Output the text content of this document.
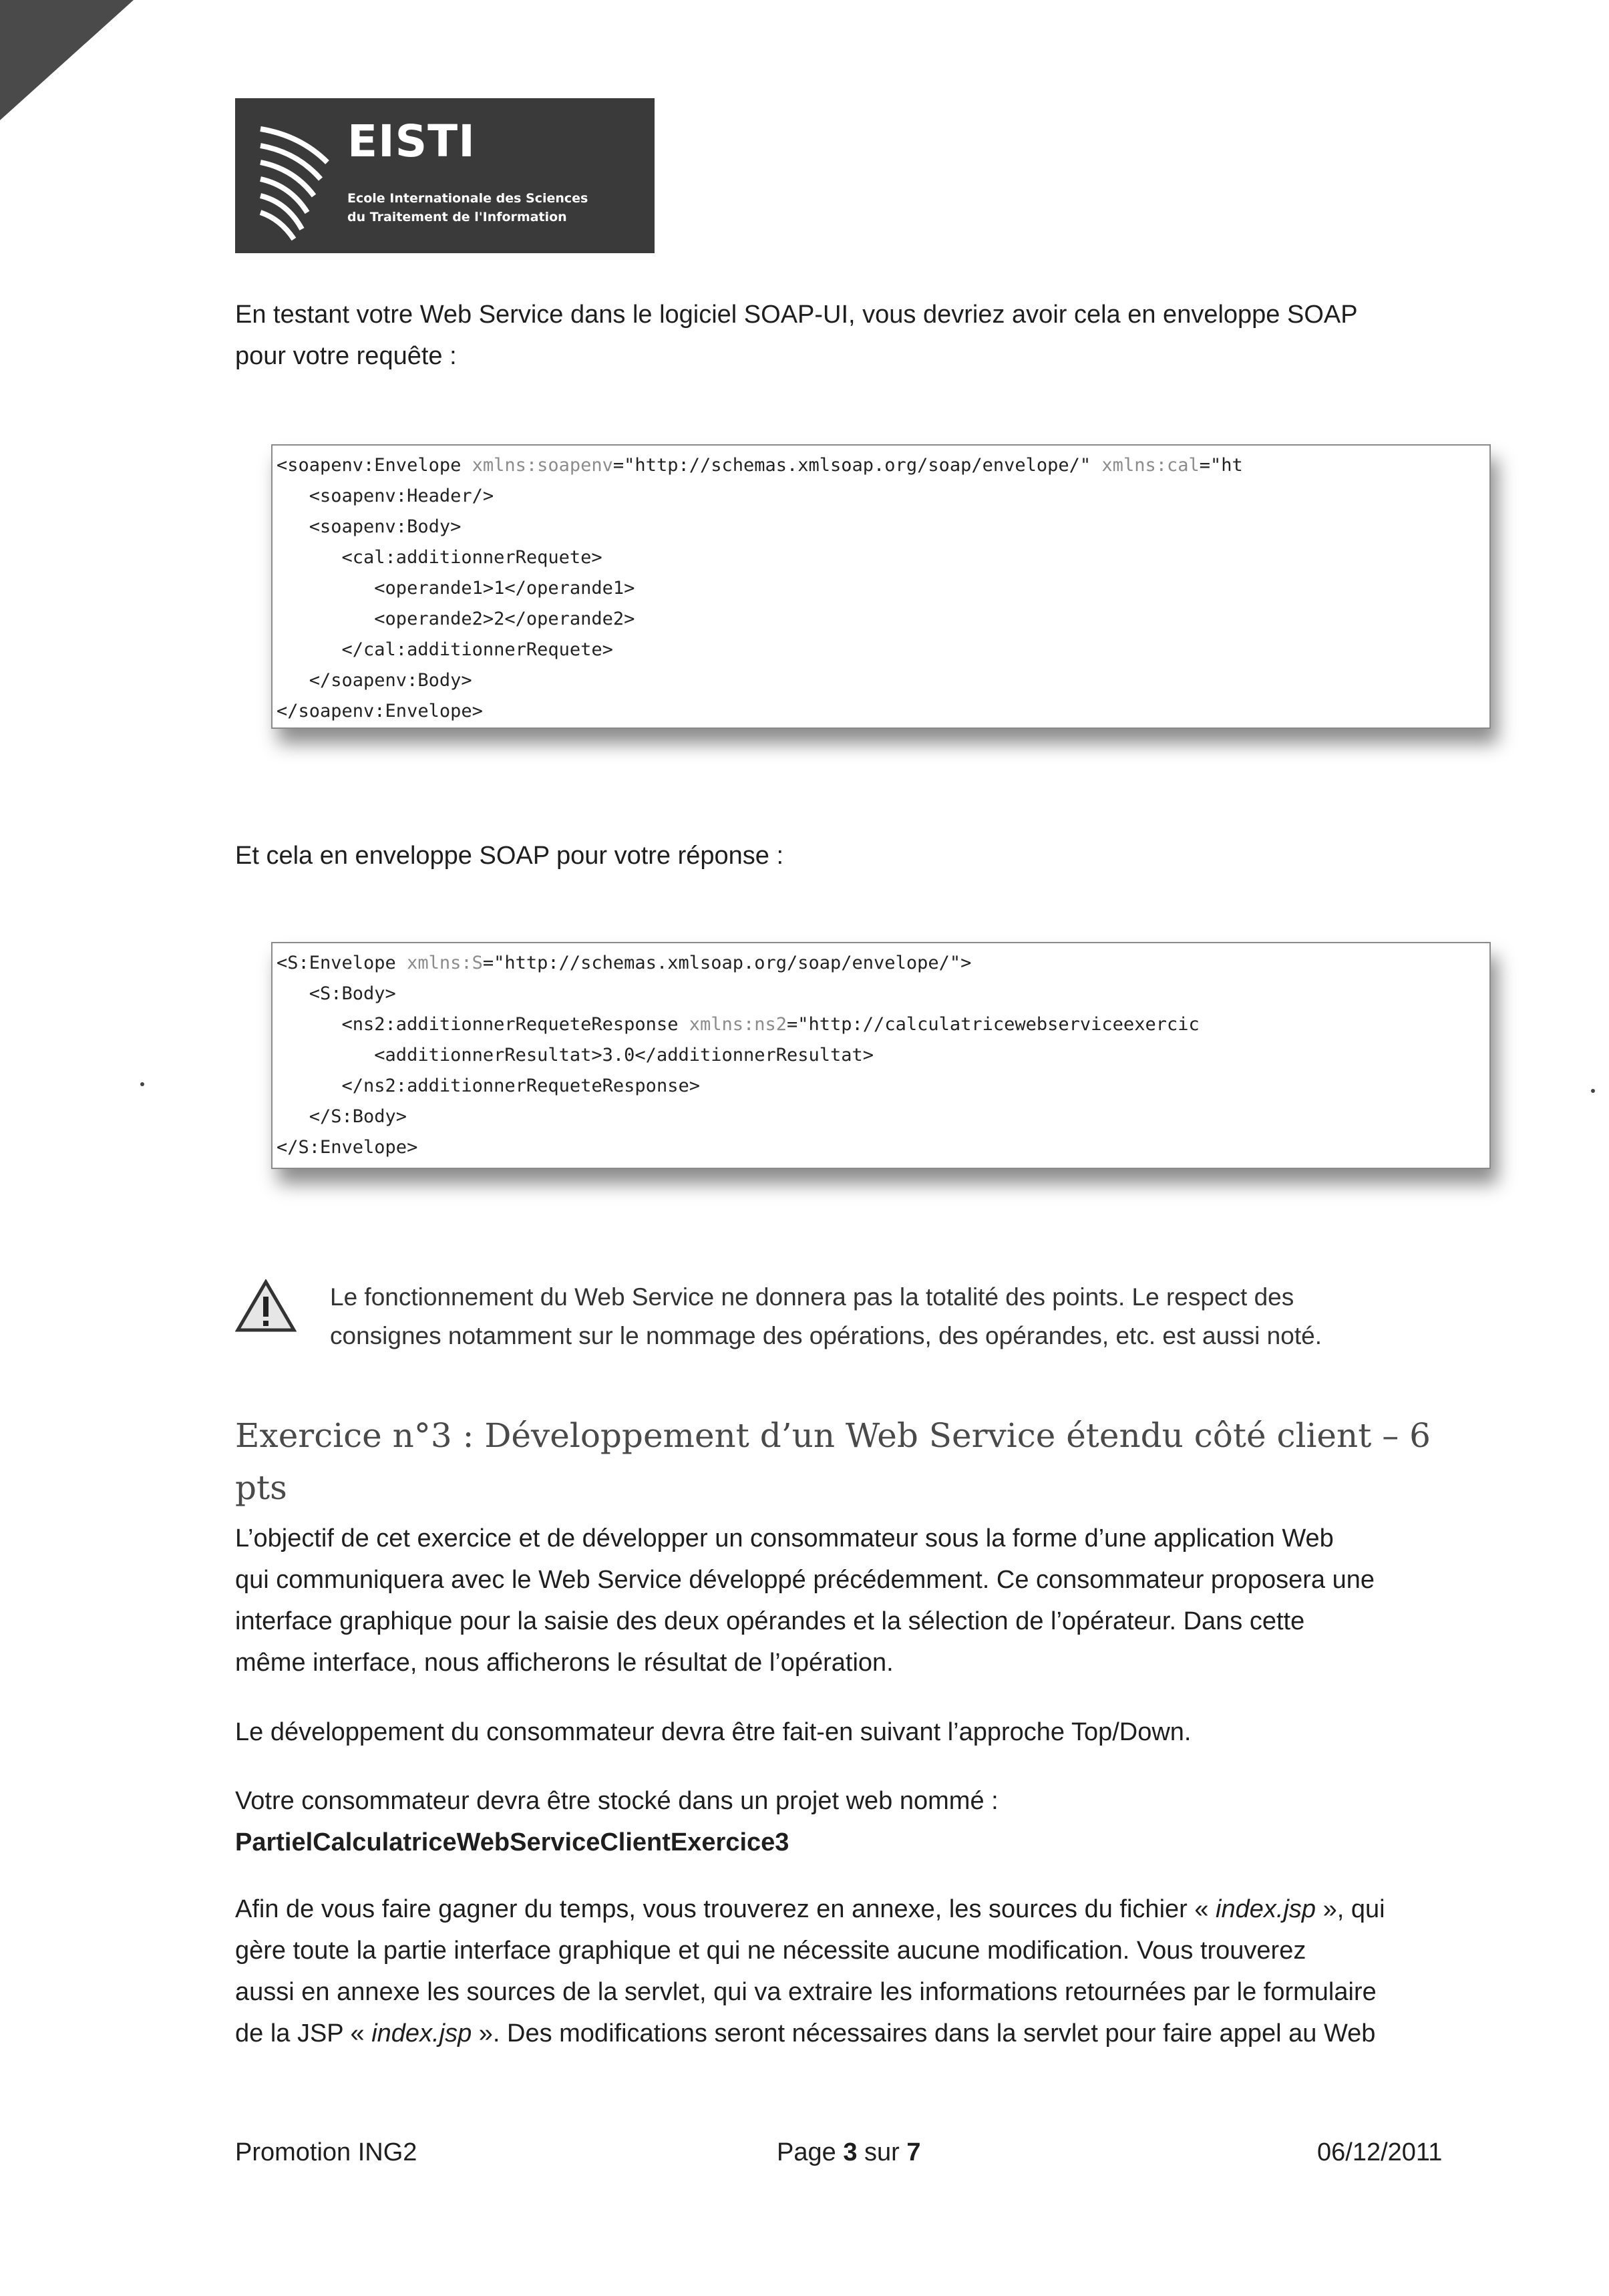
EISTI
Ecole Internationale des Sciences
du Traitement de l'Information
En testant votre Web Service dans le logiciel SOAP-UI, vous devriez avoir cela en enveloppe SOAP
pour votre requête :
<soapenv:Envelope xmlns:soapenv="http://schemas.xmlsoap.org/soap/envelope/" xmlns:cal="ht
<soapenv:Header/>
<soapenv:Body>
<cal:additionnerRequete>
<operande1>1</operande1>
<operande2>2</operande2>
</cal:additionnerRequete>
</soapenv:Body>
</soapenv:Envelope>
Et cela en enveloppe SOAP pour votre réponse :
<S:Envelope xmlns:S="http://schemas.xmlsoap.org/soap/envelope/">
<S:Body>
<ns2:additionnerRequeteResponse xmlns:ns2="http://calculatricewebserviceexercic
<additionnerResultat>3.0</additionnerResultat>
</ns2:additionnerRequeteResponse>
</S:Body>
</S:Envelope>
Le fonctionnement du Web Service ne donnera pas la totalité des points. Le respect des
consignes notamment sur le nommage des opérations, des opérandes, etc. est aussi noté.
Exercice n°3 : Développement d’un Web Service étendu côté client – 6
pts
L’objectif de cet exercice et de développer un consommateur sous la forme d’une application Web
qui communiquera avec le Web Service développé précédemment. Ce consommateur proposera une
interface graphique pour la saisie des deux opérandes et la sélection de l’opérateur. Dans cette
même interface, nous afficherons le résultat de l’opération.
Le développement du consommateur devra être fait-en suivant l’approche Top/Down.
Votre consommateur devra être stocké dans un projet web nommé :
PartielCalculatriceWebServiceClientExercice3
Afin de vous faire gagner du temps, vous trouverez en annexe, les sources du fichier « index.jsp », qui
gère toute la partie interface graphique et qui ne nécessite aucune modification. Vous trouverez
aussi en annexe les sources de la servlet, qui va extraire les informations retournées par le formulaire
de la JSP « index.jsp ». Des modifications seront nécessaires dans la servlet pour faire appel au Web
Promotion ING2	Page 3 sur 7	06/12/2011
